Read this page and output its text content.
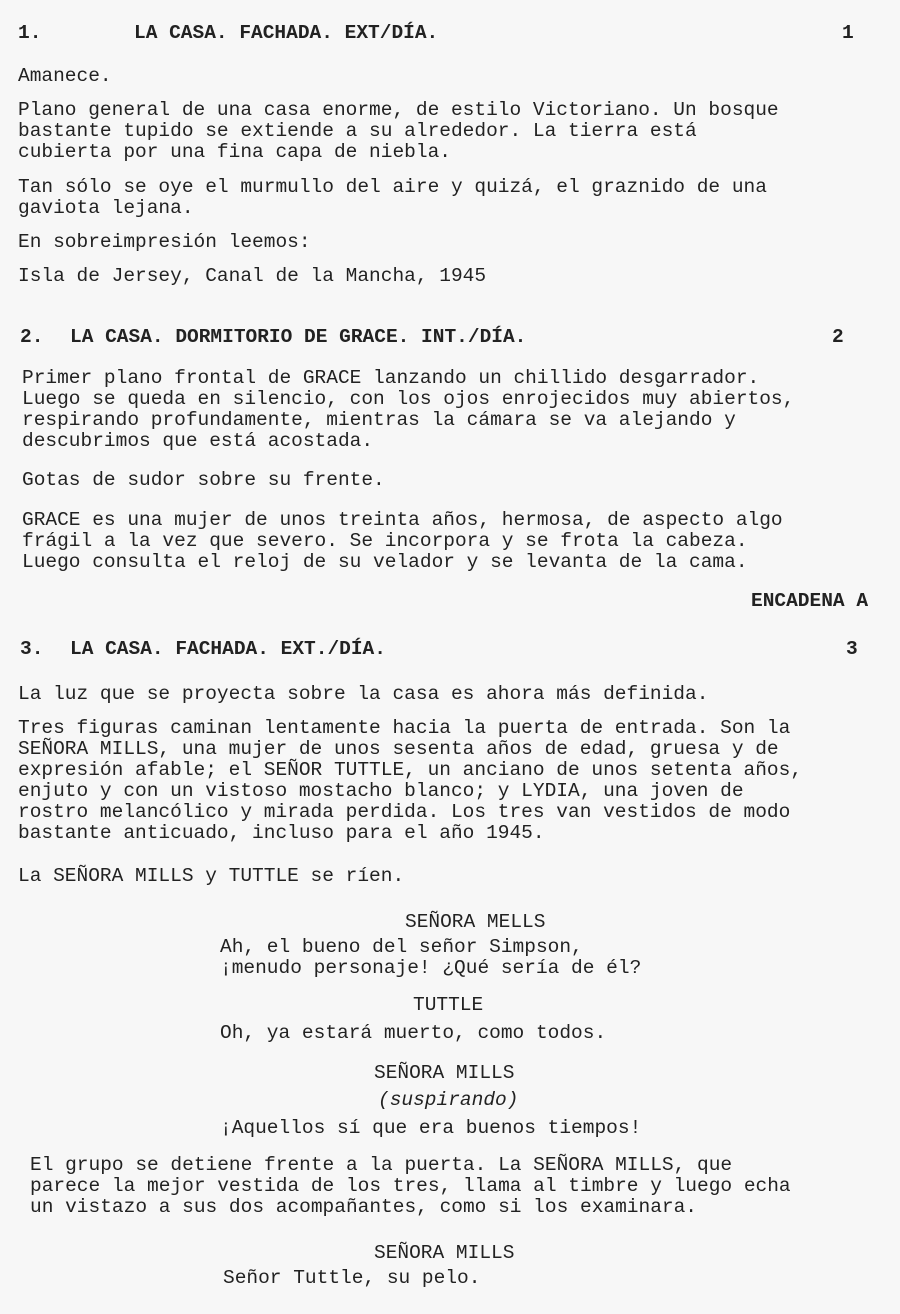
1.	LA CASA. FACHADA. EXT/DÍA.	1
Amanece.
Plano general de una casa enorme, de estilo Victoriano. Un bosque
bastante tupido se extiende a su alrededor. La tierra está
cubierta por una fina capa de niebla.
Tan sólo se oye el murmullo del aire y quizá, el graznido de una
gaviota lejana.
En sobreimpresión leemos:
Isla de Jersey, Canal de la Mancha, 1945
2. LA CASA. DORMITORIO DE GRACE. INT./DÍA.	2
Primer plano frontal de GRACE lanzando un chillido desgarrador.
Luego se queda en silencio, con los ojos enrojecidos muy abiertos,
respirando profundamente, mientras la cámara se va alejando y
descubrimos que está acostada.
Gotas de sudor sobre su frente.
GRACE es una mujer de unos treinta años, hermosa, de aspecto algo
frágil a la vez que severo. Se incorpora y se frota la cabeza.
Luego consulta el reloj de su velador y se levanta de la cama.
ENCADENA A
3. LA CASA. FACHADA. EXT./DÍA.	3
La luz que se proyecta sobre la casa es ahora más definida.
Tres figuras caminan lentamente hacia la puerta de entrada. Son la
SEÑORA MILLS, una mujer de unos sesenta años de edad, gruesa y de
expresión afable; el SEÑOR TUTTLE, un anciano de unos setenta años,
enjuto y con un vistoso mostacho blanco; y LYDIA, una joven de
rostro melancólico y mirada perdida. Los tres van vestidos de modo
bastante anticuado, incluso para el año 1945.
La SEÑORA MILLS y TUTTLE se ríen.
SEÑORA MELLS
Ah, el bueno del señor Simpson,
¡menudo personaje! ¿Qué sería de él?
TUTTLE
Oh, ya estará muerto, como todos.
SEÑORA MILLS
(suspirando)
¡Aquellos sí que era buenos tiempos!
El grupo se detiene frente a la puerta. La SEÑORA MILLS, que
parece la mejor vestida de los tres, llama al timbre y luego echa
un vistazo a sus dos acompañantes, como si los examinara.
SEÑORA MILLS
Señor Tuttle, su pelo.
